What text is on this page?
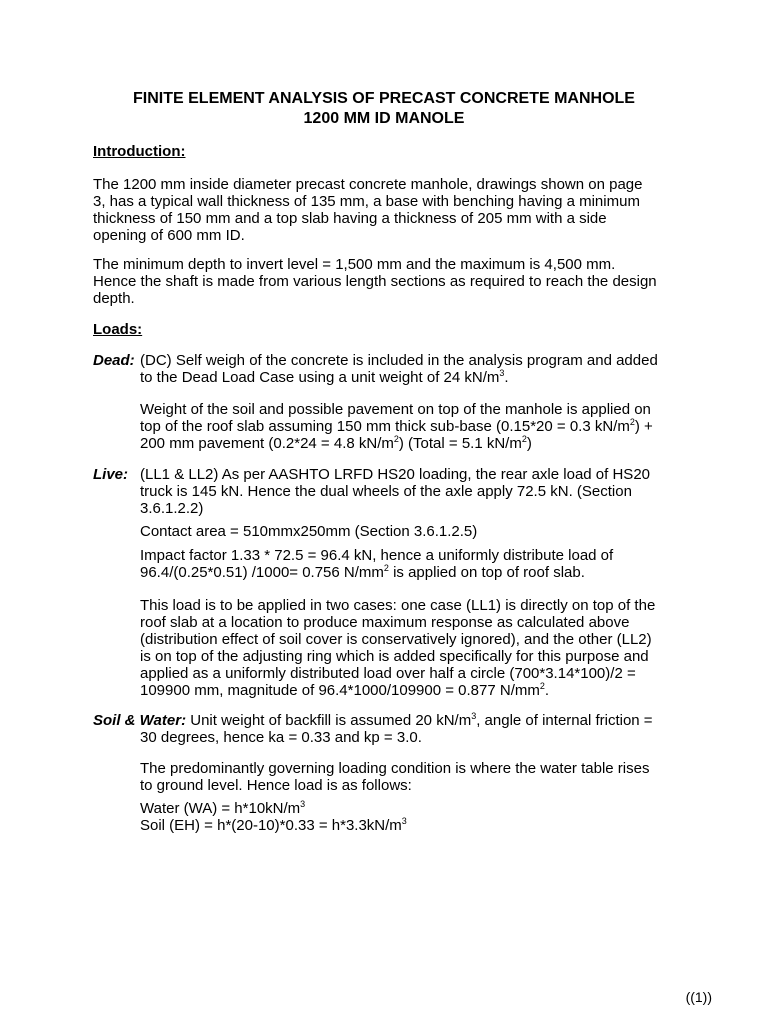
FINITE ELEMENT ANALYSIS OF PRECAST CONCRETE MANHOLE
1200 MM ID MANOLE
Introduction:
The 1200 mm inside diameter precast concrete manhole, drawings shown on page
3, has a typical wall thickness of 135 mm, a base with benching having a minimum
thickness of 150 mm and a top slab having a thickness of 205 mm with a side
opening of 600 mm ID.
The minimum depth to invert level = 1,500 mm and the maximum is 4,500 mm.
Hence the shaft is made from various length sections as required to reach the design
depth.
Loads:
Dead: (DC) Self weigh of the concrete is included in the analysis program and added
to the Dead Load Case using a unit weight of 24 $kN/m^3$.
Weight of the soil and possible pavement on top of the manhole is applied on
top of the roof slab assuming 150 mm thick sub-base (0.15*20 = 0.3 $kN/m^2$) +
200 mm pavement (0.2*24 = 4.8 $kN/m^2$) (Total = 5.1 $kN/m^2$)
Live: (LL1 & LL2) As per AASHTO LRFD HS20 loading, the rear axle load of HS20
truck is 145 kN. Hence the dual wheels of the axle apply 72.5 kN. (Section
3.6.1.2.2)
Contact area = 510mmx250mm (Section 3.6.1.2.5)
Impact factor 1.33 * 72.5 = 96.4 kN, hence a uniformly distribute load of
96.4/(0.25*0.51) /1000= 0.756 $N/mm^2$ is applied on top of roof slab.
This load is to be applied in two cases: one case (LL1) is directly on top of the
roof slab at a location to produce maximum response as calculated above
(distribution effect of soil cover is conservatively ignored), and the other (LL2)
is on top of the adjusting ring which is added specifically for this purpose and
applied as a uniformly distributed load over half a circle (700*3.14*100)/2 =
109900 mm, magnitude of 96.4*1000/109900 = 0.877 $N/mm^2$.
Soil & Water: Unit weight of backfill is assumed 20 $kN/m^3$, angle of internal friction =
30 degrees, hence ka = 0.33 and kp = 3.0.
The predominantly governing loading condition is where the water table rises
to ground level. Hence load is as follows:
Water $(WA) = h*10kN/m^3$
Soil $(EH) = h*(20-10)*0.33 = h*3.3kN/m^3$
((1))
